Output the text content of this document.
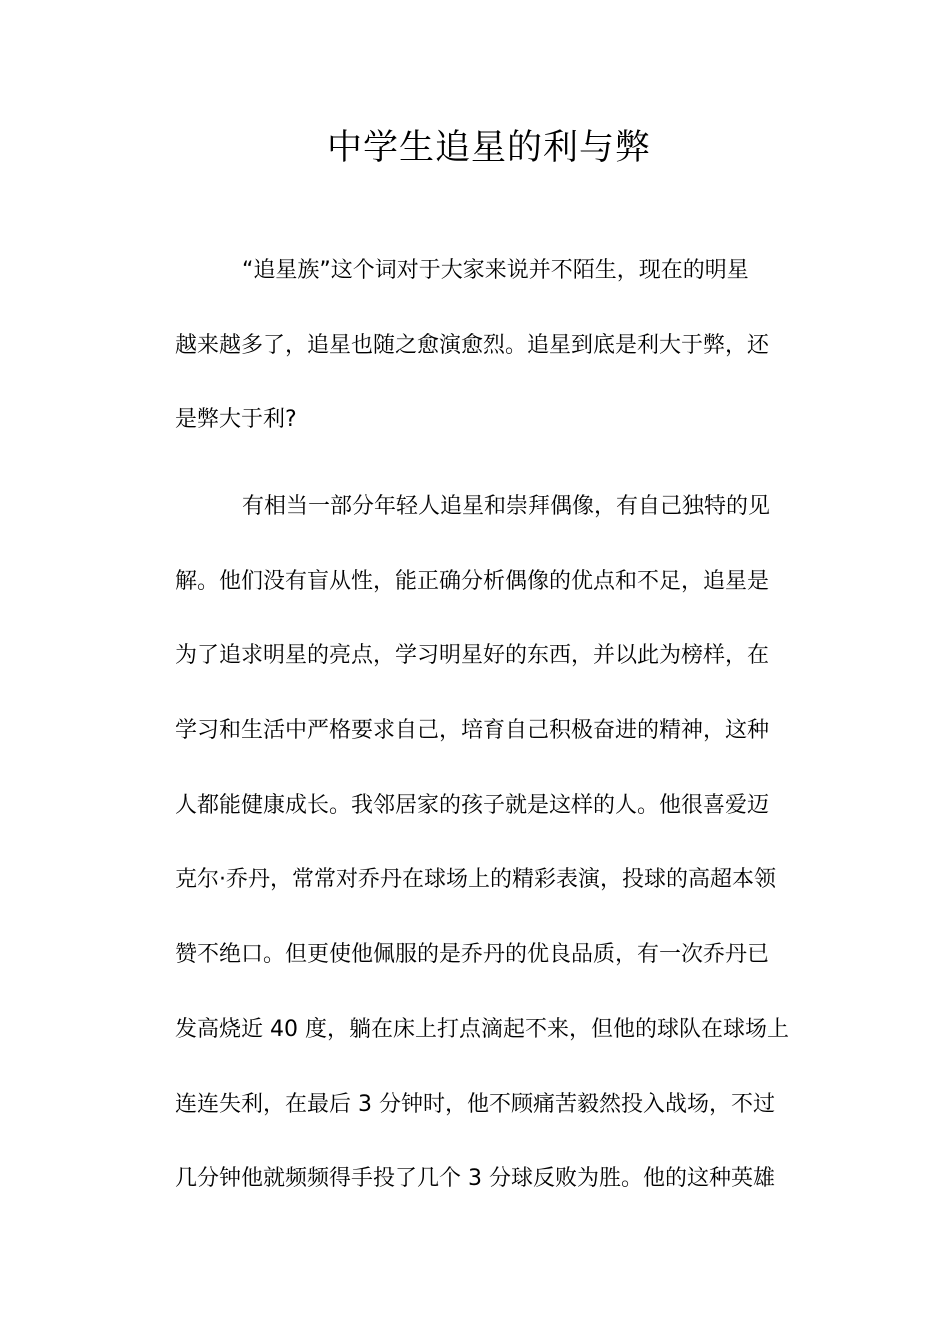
中学生追星的利与弊
“追星族”这个词对于大家来说并不陌生，现在的明星
越来越多了，追星也随之愈演愈烈。追星到底是利大于弊，还
是弊大于利?
有相当一部分年轻人追星和崇拜偶像，有自己独特的见
解。他们没有盲从性，能正确分析偶像的优点和不足，追星是
为了追求明星的亮点，学习明星好的东西，并以此为榜样，在
学习和生活中严格要求自己，培育自己积极奋进的精神，这种
人都能健康成长。我邻居家的孩子就是这样的人。他很喜爱迈
克尔·乔丹，常常对乔丹在球场上的精彩表演，投球的高超本领
赞不绝口。但更使他佩服的是乔丹的优良品质，有一次乔丹已
发高烧近 40 度，躺在床上打点滴起不来，但他的球队在球场上
连连失利，在最后 3 分钟时，他不顾痛苦毅然投入战场，不过
几分钟他就频频得手投了几个 3 分球反败为胜。他的这种英雄
